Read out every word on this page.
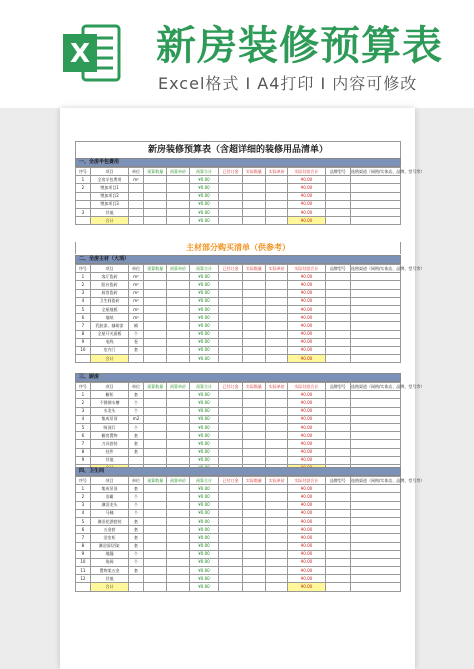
X 新房装修预算表
Excel格式 Ⅰ A4打印 Ⅰ 内容可修改
新房装修预算表（含超详细的装修用品清单）
一、全房半包费用
序号	项目	单位	预算数量	预算单价	预算合计	已付订金	实际数量	实际单价	实际付款合计	品牌型号	选购渠道（网购/实体店、品牌、型号等）
1	全房半包费用	m²			¥0.00				¥0.00		
2	增加项目1				¥0.00				¥0.00		
	增加项目2				¥0.00				¥0.00		
	增加项目3				¥0.00				¥0.00		
3	其他				¥0.00				¥0.00		
	合计				¥0.00				¥0.00		
主材部分购买清单（供参考）
二、全房主材（大项）
序号	项目	单位	预算数量	预算单价	预算合计	已付订金	实际数量	实际单价	实际付款合计	品牌型号	选购渠道（网购/实体店、品牌、型号等）
1	客厅瓷砖	m²			¥0.00				¥0.00		
2	阳台瓷砖	m²			¥0.00				¥0.00		
3	厨房瓷砖	m²			¥0.00				¥0.00		
4	卫生间瓷砖	m²			¥0.00				¥0.00		
5	全屋地板	m²			¥0.00				¥0.00		
6	墙纸	m²			¥0.00				¥0.00		
7	乳胶漆、辅助漆	桶			¥0.00				¥0.00		
8	全屋开关面板	个			¥0.00				¥0.00		
9	电线	卷			¥0.00				¥0.00		
10	室内门	套			¥0.00				¥0.00		
	合计				¥0.00				¥0.00		
三、厨房
序号	项目	单位	预算数量	预算单价	预算合计	已付订金	实际数量	实际单价	实际付款合计	品牌型号	选购渠道（网购/实体店、品牌、型号等）
1	橱柜	套			¥0.00				¥0.00		
2	不锈钢水槽	个			¥0.00				¥0.00		
3	水龙头	个			¥0.00				¥0.00		
4	集成吊顶	m2			¥0.00				¥0.00		
5	吸顶灯	个			¥0.00				¥0.00		
6	橱房置物	套			¥0.00				¥0.00		
7	刀具套装	套			¥0.00				¥0.00		
8	挂件	套			¥0.00				¥0.00		
9	其他				¥0.00				¥0.00		

四、卫生间
序号	项目	单位	预算数量	预算单价	预算合计	已付订金	实际数量	实际单价	实际付款合计	品牌型号	选购渠道（网购/实体店、品牌、型号等）
1	集成吊顶	套			¥0.00				¥0.00		
2	浴霸	个			¥0.00				¥0.00		
3	淋浴龙头	个			¥0.00				¥0.00		
4	马桶	个			¥0.00				¥0.00		
5	淋浴花洒套装	套			¥0.00				¥0.00		
6	五金套	套			¥0.00				¥0.00		
7	浴室柜	套			¥0.00				¥0.00		
8	淋浴屏/浴缸	套			¥0.00				¥0.00		
9	地漏	个			¥0.00				¥0.00		
10	角阀	个			¥0.00				¥0.00		
11	置物架五金	套			¥0.00				¥0.00		
12	其他				¥0.00				¥0.00		
	合计				¥0.00				¥0.00		
